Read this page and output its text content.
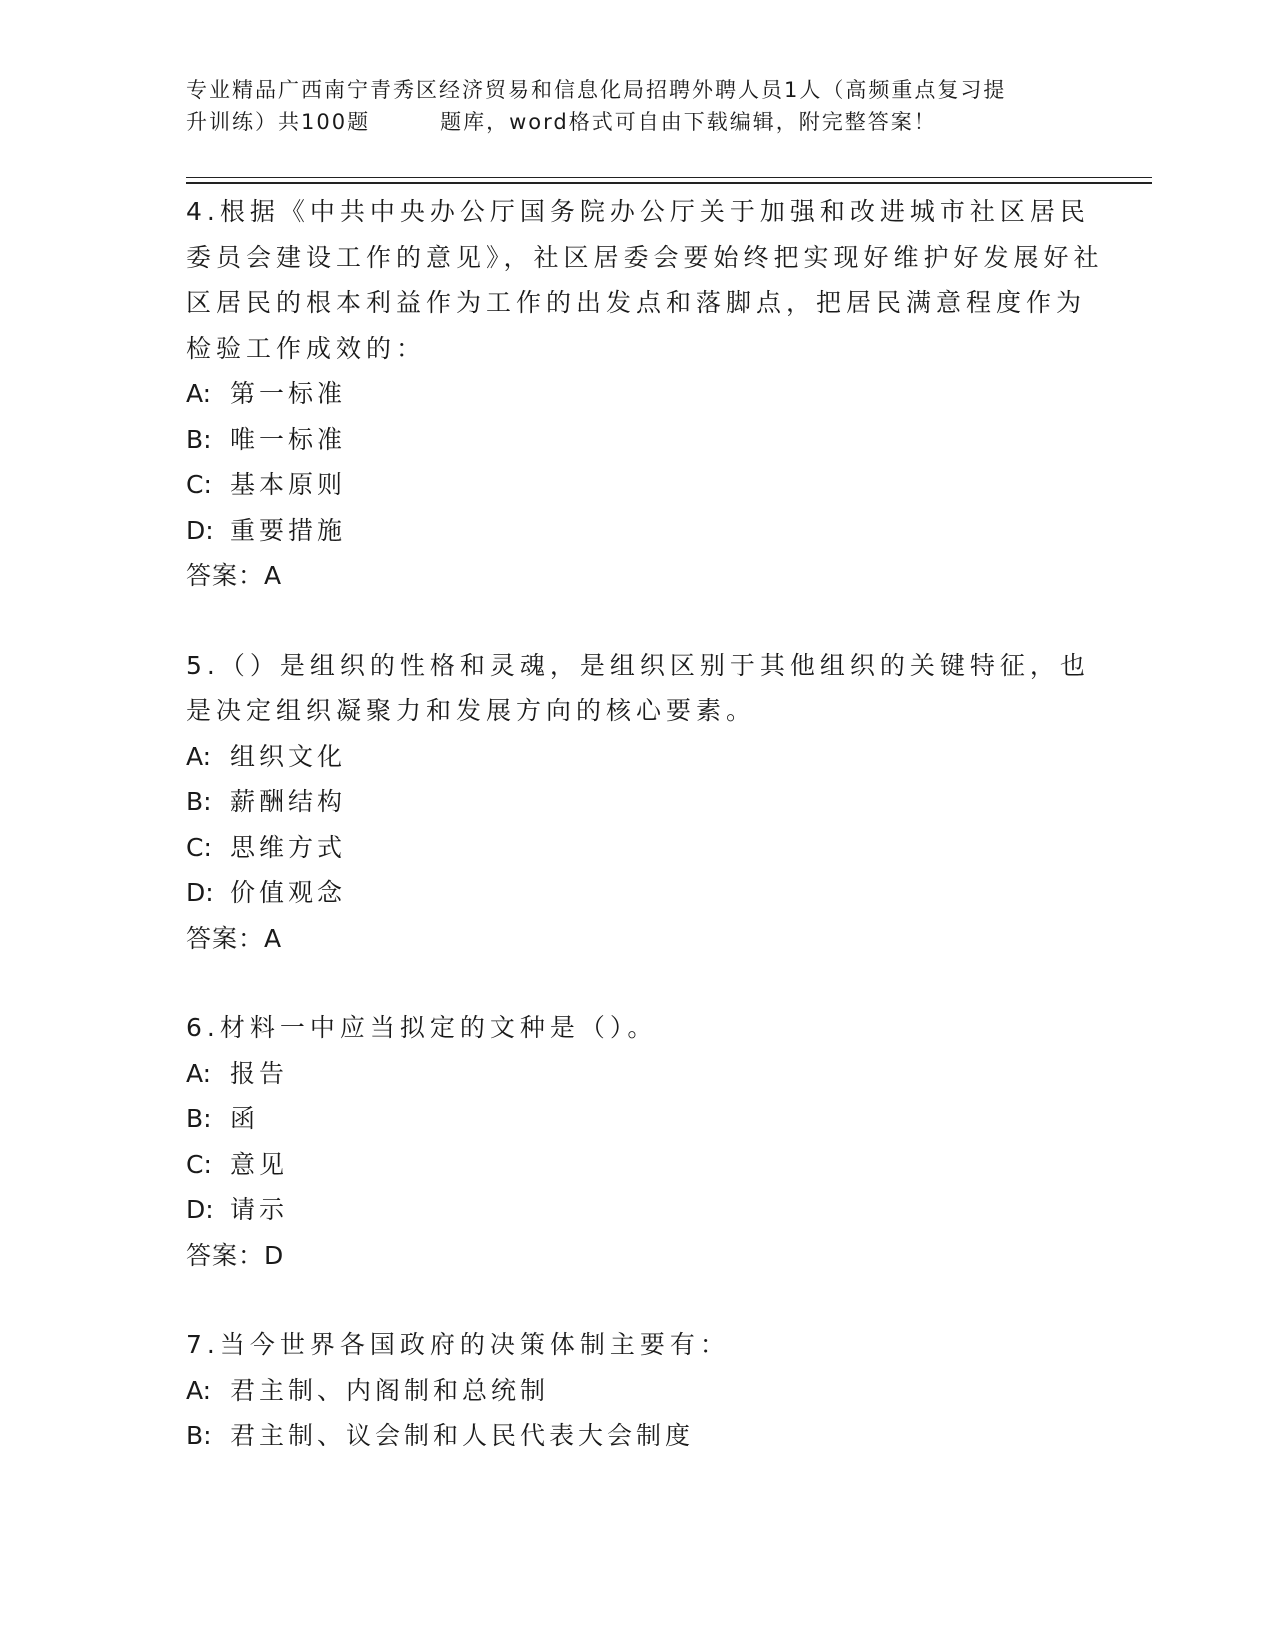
专业精品广西南宁青秀区经济贸易和信息化局招聘外聘人员1人（高频重点复习提
升训练）共100题	题库，word格式可自由下载编辑，附完整答案！

4.根据《中共中央办公厅国务院办公厅关于加强和改进城市社区居民委员会建设工作的意见》，社区居委会要始终把实现好维护好发展好社区居民的根本利益作为工作的出发点和落脚点，把居民满意程度作为检验工作成效的：

A: 第一标准

B: 唯一标准

C: 基本原则

D: 重要措施

答案：A

5.（）是组织的性格和灵魂，是组织区别于其他组织的关键特征，也是决定组织凝聚力和发展方向的核心要素。

A: 组织文化

B: 薪酬结构

C: 思维方式

D: 价值观念

答案：A

6.材料一中应当拟定的文种是（）。

A: 报告

B: 函

C: 意见

D: 请示

答案：D

7.当今世界各国政府的决策体制主要有：

A: 君主制、内阁制和总统制

B: 君主制、议会制和人民代表大会制度
